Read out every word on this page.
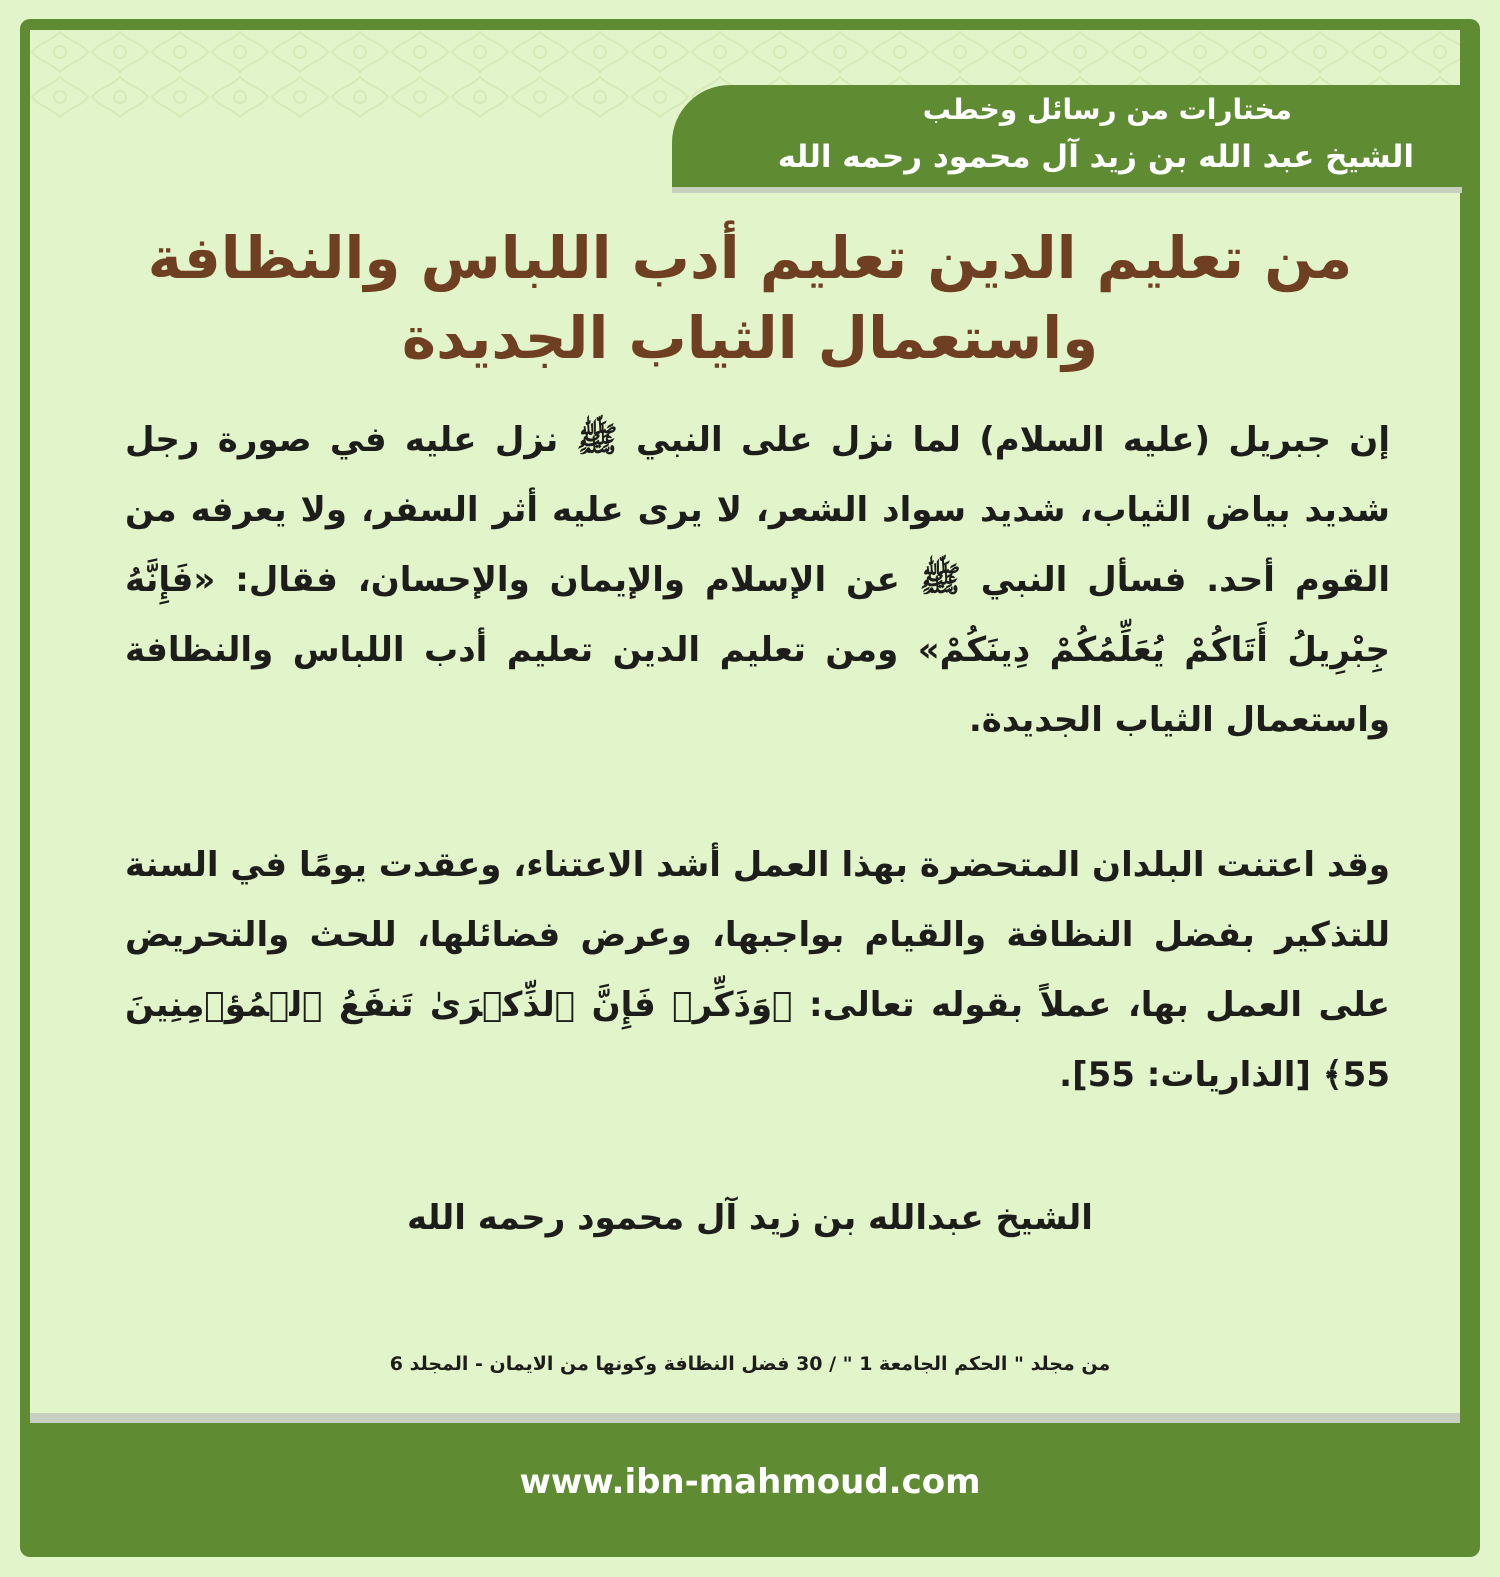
مختارات من رسائل وخطب
الشيخ عبد الله بن زيد آل محمود رحمه الله
من تعليم الدين تعليم أدب اللباس والنظافة
واستعمال الثياب الجديدة
إن جبريل (عليه السلام) لما نزل على النبي ﷺ نزل عليه في صورة رجل شديد بياض الثياب، شديد سواد الشعر، لا يرى عليه أثر السفر، ولا يعرفه من القوم أحد. فسأل النبي ﷺ عن الإسلام والإيمان والإحسان، فقال: «فَإِنَّهُ جِبْرِيلُ أَتَاكُمْ يُعَلِّمُكُمْ دِينَكُمْ» ومن تعليم الدين تعليم أدب اللباس والنظافة واستعمال الثياب الجديدة.
وقد اعتنت البلدان المتحضرة بهذا العمل أشد الاعتناء، وعقدت يومًا في السنة للتذكير بفضل النظافة والقيام بواجبها، وعرض فضائلها، للحث والتحريض على العمل بها، عملاً بقوله تعالى: ﴿وَذَكِّرۡ فَإِنَّ ٱلذِّكۡرَىٰ تَنفَعُ ٱلۡمُؤۡمِنِينَ 55﴾ [الذاريات: 55].
الشيخ عبدالله بن زيد آل محمود رحمه الله
من مجلد " الحكم الجامعة 1 " / 30 فضل النظافة وكونها من الايمان - المجلد 6
www.ibn-mahmoud.com
